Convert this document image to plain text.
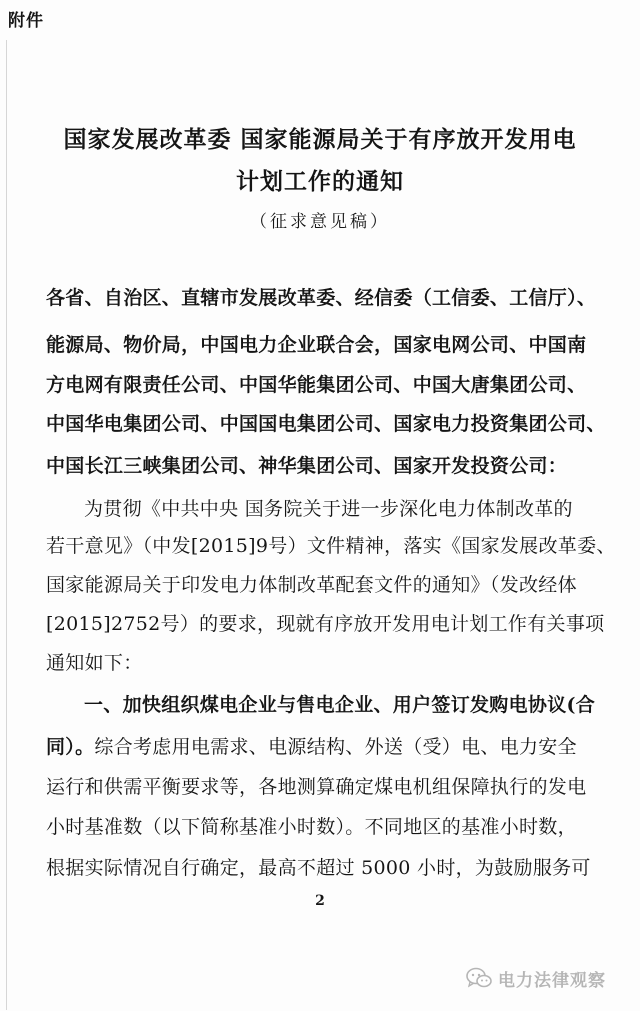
附件
国家发展改革委 国家能源局关于有序放开发用电
计划工作的通知
（征求意见稿）
各省、自治区、直辖市发展改革委、经信委（工信委、工信厅）、
能源局、物价局，中国电力企业联合会，国家电网公司、中国南
方电网有限责任公司、中国华能集团公司、中国大唐集团公司、
中国华电集团公司、中国国电集团公司、国家电力投资集团公司、
中国长江三峡集团公司、神华集团公司、国家开发投资公司：
为贯彻《中共中央 国务院关于进一步深化电力体制改革的
若干意见》（中发[2015]9号）文件精神，落实《国家发展改革委、
国家能源局关于印发电力体制改革配套文件的通知》（发改经体
[2015]2752号）的要求，现就有序放开发用电计划工作有关事项
通知如下：
一、加快组织煤电企业与售电企业、用户签订发购电协议(合
同）。综合考虑用电需求、电源结构、外送（受）电、电力安全
运行和供需平衡要求等，各地测算确定煤电机组保障执行的发电
小时基准数（以下简称基准小时数）。不同地区的基准小时数，
根据实际情况自行确定，最高不超过 5000 小时，为鼓励服务可
2
电力法律观察
